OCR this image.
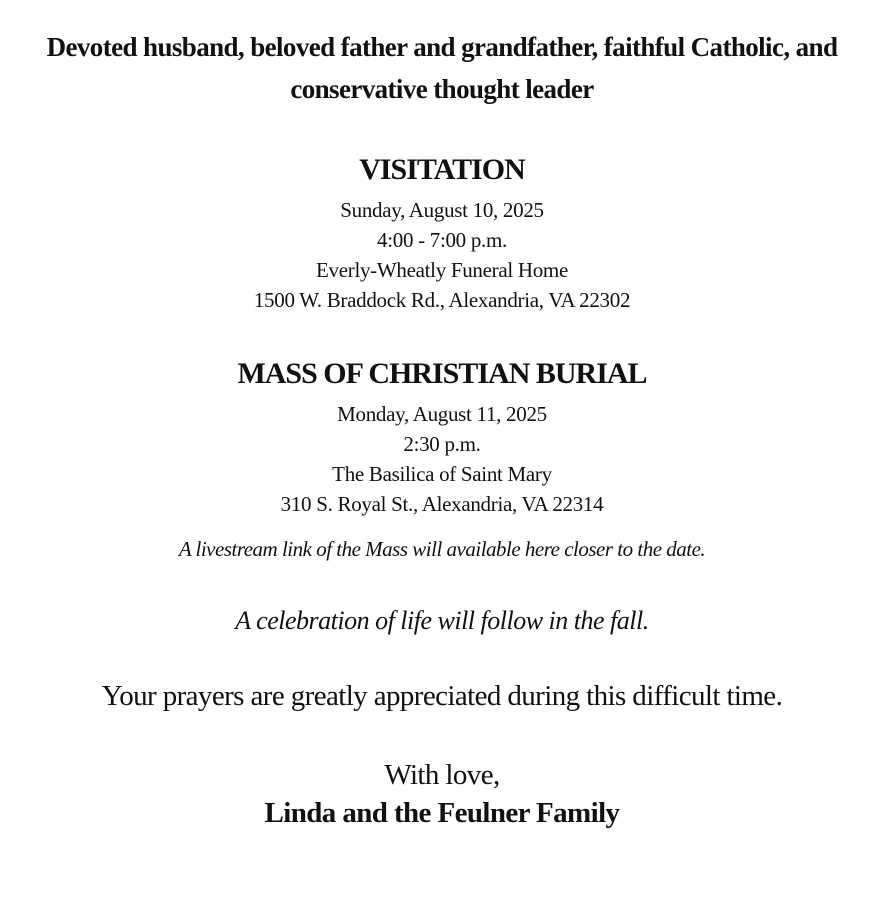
Devoted husband, beloved father and grandfather, faithful Catholic, and
conservative thought leader
VISITATION
Sunday, August 10, 2025
4:00 - 7:00 p.m.
Everly-Wheatly Funeral Home
1500 W. Braddock Rd., Alexandria, VA 22302
MASS OF CHRISTIAN BURIAL
Monday, August 11, 2025
2:30 p.m.
The Basilica of Saint Mary
310 S. Royal St., Alexandria, VA 22314
A livestream link of the Mass will available here closer to the date.
A celebration of life will follow in the fall.
Your prayers are greatly appreciated during this difficult time.
With love,
Linda and the Feulner Family
